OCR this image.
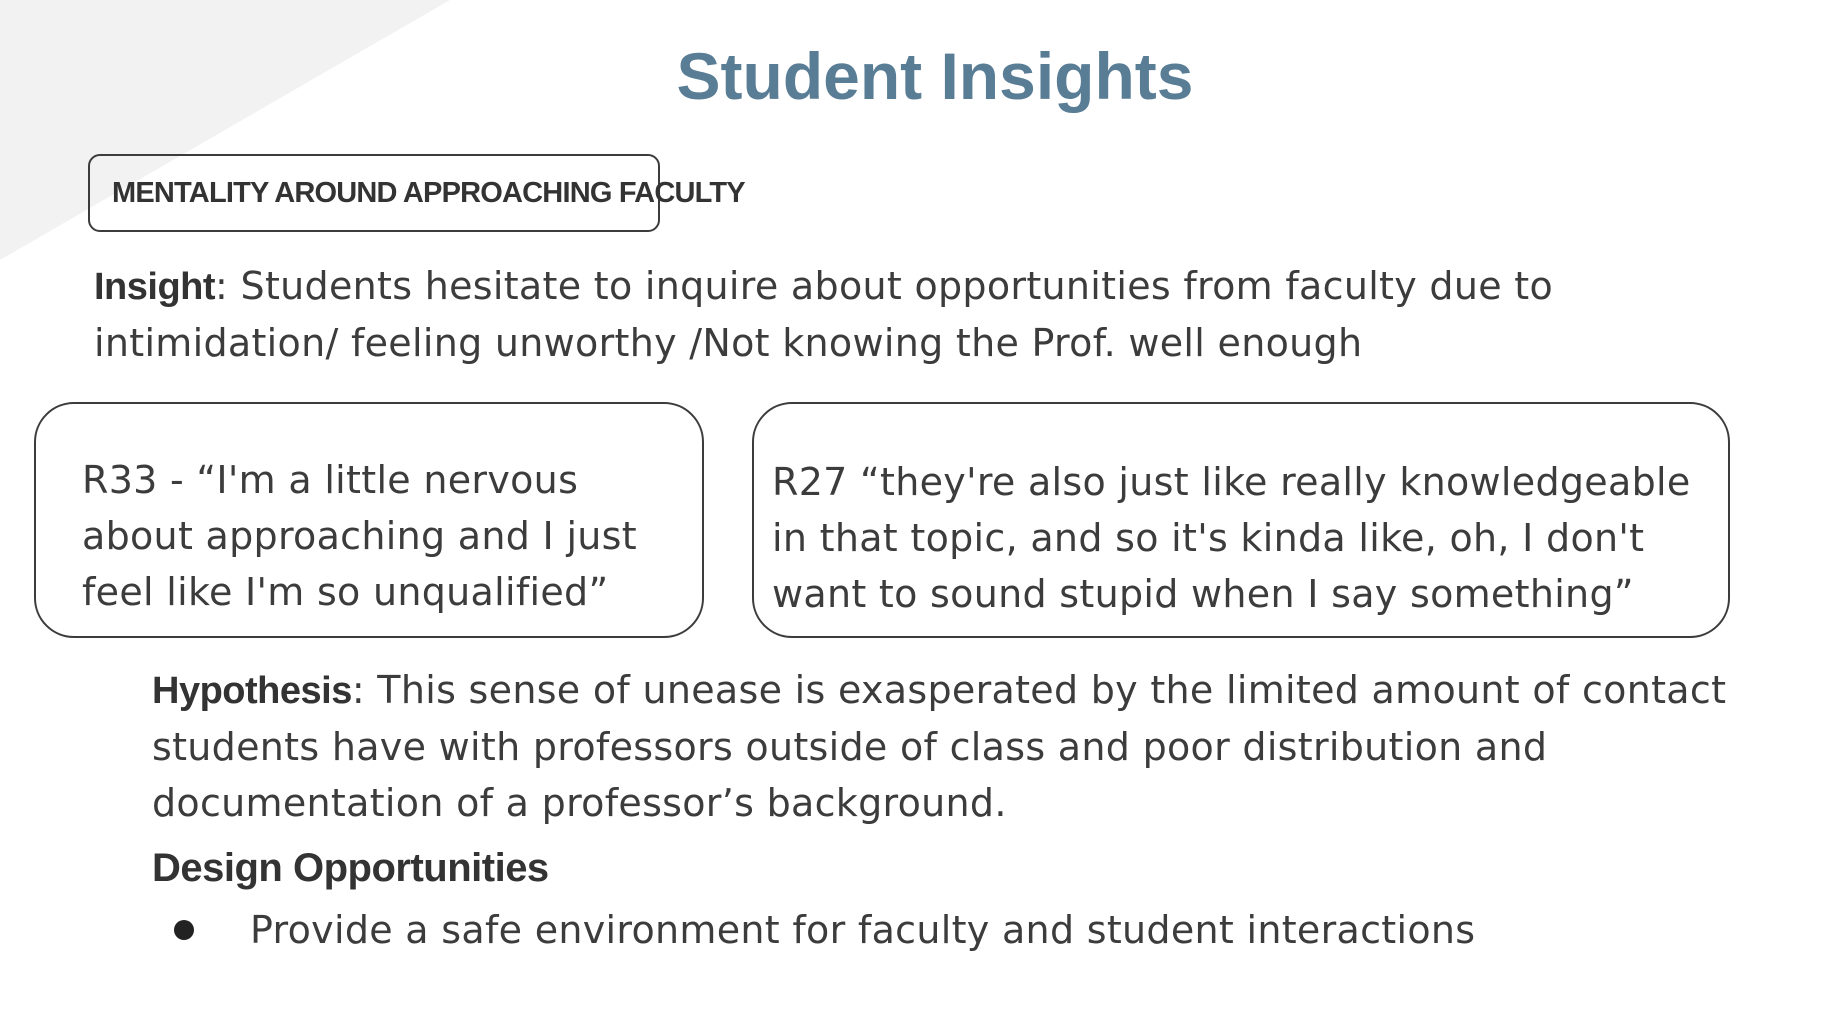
Student Insights
MENTALITY AROUND APPROACHING FACULTY
Insight: Students hesitate to inquire about opportunities from faculty due to intimidation/ feeling unworthy /Not knowing the Prof. well enough
R33 - “I'm a little nervous about approaching and I just feel like I'm so unqualified”
R27 “they're also just like really knowledgeable in that topic, and so it's kinda like, oh, I don't want to sound stupid when I say something”
Hypothesis: This sense of unease is exasperated by the limited amount of contact students have with professors outside of class and poor distribution and documentation of a professor’s background.
Design Opportunities
Provide a safe environment for faculty and student interactions
